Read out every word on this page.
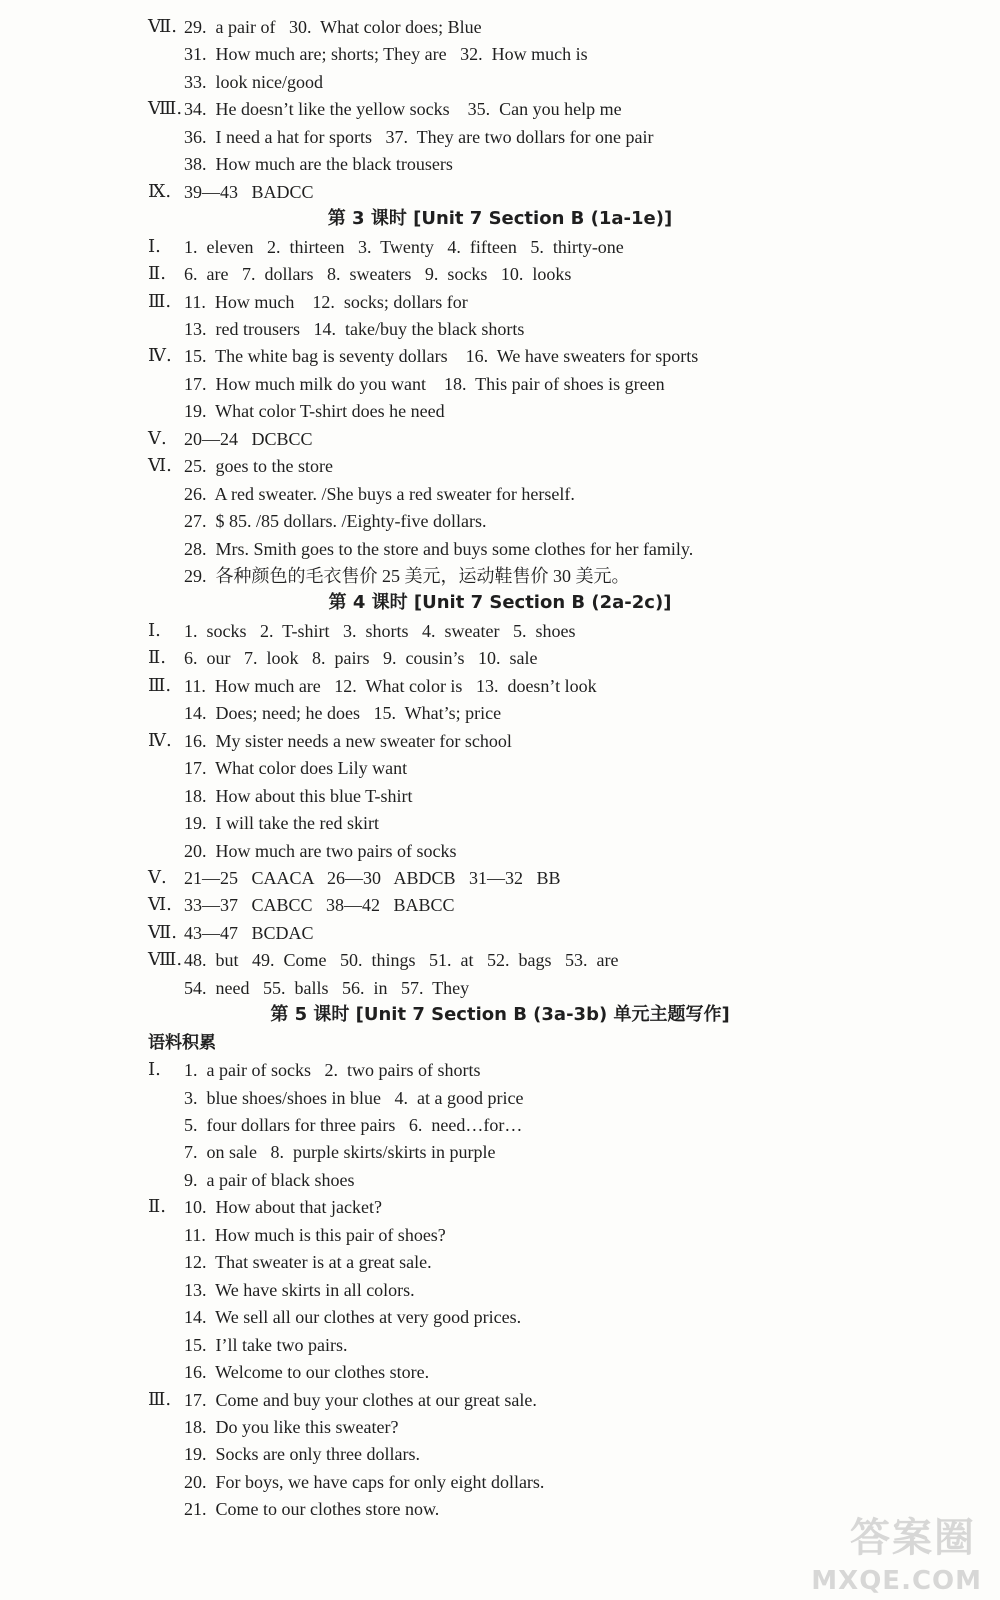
Ⅶ. 29.  a pair of   30.  What color does; Blue
31.  How much are; shorts; They are   32.  How much is
33.  look nice/good
Ⅷ. 34.  He doesn’t like the yellow socks    35.  Can you help me
36.  I need a hat for sports   37.  They are two dollars for one pair
38.  How much are the black trousers
Ⅸ. 39—43   BADCC
第 3 课时 [Unit 7 Section B (1a-1e)]
Ⅰ.	1.  eleven   2.  thirteen   3.  Twenty   4.  fifteen   5.  thirty-one
Ⅱ.	6.  are   7.  dollars   8.  sweaters   9.  socks   10.  looks
Ⅲ. 11.  How much    12.  socks; dollars for
13.  red trousers   14.  take/buy the black shorts
Ⅳ. 15.  The white bag is seventy dollars    16.  We have sweaters for sports
17.  How much milk do you want    18.  This pair of shoes is green
19.  What color T-shirt does he need
Ⅴ. 20—24   DCBCC
Ⅵ. 25.  goes to the store
26.  A red sweater. /She buys a red sweater for herself.
27.  $ 85. /85 dollars. /Eighty-five dollars.
28.  Mrs. Smith goes to the store and buys some clothes for her family.
29.  各种颜色的毛衣售价 25 美元，运动鞋售价 30 美元。
第 4 课时 [Unit 7 Section B (2a-2c)]
Ⅰ.	1.  socks   2.  T-shirt   3.  shorts   4.  sweater   5.  shoes
Ⅱ.	6.  our   7.  look   8.  pairs   9.  cousin’s   10.  sale
Ⅲ. 11.  How much are   12.  What color is   13.  doesn’t look
14.  Does; need; he does   15.  What’s; price
Ⅳ. 16.  My sister needs a new sweater for school
17.  What color does Lily want
18.  How about this blue T-shirt
19.  I will take the red skirt
20.  How much are two pairs of socks
Ⅴ. 21—25   CAACA   26—30   ABDCB   31—32   BB
Ⅵ. 33—37   CABCC   38—42   BABCC
Ⅶ. 43—47   BCDAC
Ⅷ. 48.  but   49.  Come   50.  things   51.  at   52.  bags   53.  are
54.  need   55.  balls   56.  in   57.  They
第 5 课时 [Unit 7 Section B (3a-3b) 单元主题写作]
语料积累
Ⅰ.	1.  a pair of socks   2.  two pairs of shorts
3.  blue shoes/shoes in blue   4.  at a good price
5.  four dollars for three pairs   6.  need…for…
7.  on sale   8.  purple skirts/skirts in purple
9.  a pair of black shoes
Ⅱ.	10.  How about that jacket?
11.  How much is this pair of shoes?
12.  That sweater is at a great sale.
13.  We have skirts in all colors.
14.  We sell all our clothes at very good prices.
15.  I’ll take two pairs.
16.  Welcome to our clothes store.
Ⅲ. 17.  Come and buy your clothes at our great sale.
18.  Do you like this sweater?
19.  Socks are only three dollars.
20.  For boys, we have caps for only eight dollars.
21.  Come to our clothes store now.
答案圈
MXQE.COM
